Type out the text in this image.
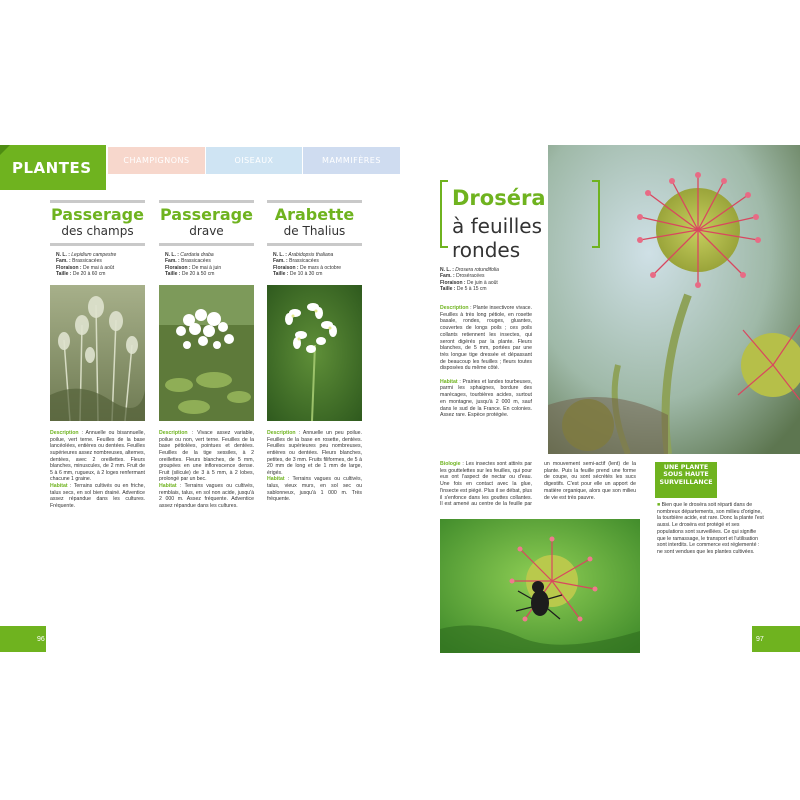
PLANTES	CHAMPIGNONS	OISEAUX	MAMMIFÈRES
Passerage
des champs
N. L. : Lepidium campestre
Fam. : Brassicacées
Floraison : De mai à août
Taille : De 20 à 60 cm
Description : Annuelle ou bisannuelle, poilue, vert terne. Feuilles de la base lancéolées, entières ou dentées. Feuilles supérieures assez nombreuses, alternes, dentées, avec 2 oreillettes. Fleurs blanches, minuscules, de 2 mm. Fruit de 5 à 6 mm, rugueux, à 2 loges renfermant chacune 1 graine.
Habitat : Terrains cultivés ou en friche, talus secs, en sol bien drainé. Adventice assez répandue dans les cultures. Fréquente.
Passerage
drave
N. L. : Cardaria draba
Fam. : Brassicacées
Floraison : De mai à juin
Taille : De 20 à 50 cm
Description : Vivace assez variable, poilue ou non, vert terne. Feuilles de la base pétiolées, pointues et dentées. Feuilles de la tige sessiles, à 2 oreillettes. Fleurs blanches, de 5 mm, groupées en une inflorescence dense. Fruit (silicule) de 3 à 5 mm, à 2 lobes, prolongé par un bec.
Habitat : Terrains vagues ou cultivés, remblais, talus, en sol non acide, jusqu'à 2 000 m. Assez fréquente. Adventice assez répandue dans les cultures.
Arabette
de Thalius
N. L. : Arabidopsis thaliana
Fam. : Brassicacées
Floraison : De mars à octobre
Taille : De 10 à 30 cm
Description : Annuelle un peu poilue. Feuilles de la base en rosette, dentées. Feuilles supérieures peu nombreuses, entières ou dentées. Fleurs blanches, petites, de 3 mm. Fruits filiformes, de 5 à 20 mm de long et de 1 mm de large, érigés.
Habitat : Terrains vagues ou cultivés, talus, vieux murs, en sol sec ou sablonneux, jusqu'à 1 000 m. Très fréquente.
96
Droséra
à feuilles rondes
N. L. : Drosera rotundifolia
Fam. : Droséracées
Floraison : De juin à août
Taille : De 5 à 15 cm
Description : Plante insectivore vivace. Feuilles à très long pétiole, en rosette basale, rondes, rouges, gluantes, couvertes de longs poils ; ces poils collants retiennent les insectes, qui seront digérés par la plante. Fleurs blanches, de 5 mm, portées par une très longue tige dressée et dépassant de beaucoup les feuilles ; fleurs toutes disposées du même côté.

Habitat : Prairies et landes tourbeuses, parmi les sphaignes, bordure des marécages, tourbières acides, surtout en montagne, jusqu'à 2 000 m, sauf dans le sud de la France. En colonies. Assez rare. Espèce protégée.
Biologie : Les insectes sont attirés par les gouttelettes sur les feuilles, qui pour eux ont l'aspect de nectar ou d'eau. Une fois en contact avec la glue, l'insecte est piégé. Plus il se débat, plus il s'enfonce dans les gouttes collantes. Il est amené au centre de la feuille par un mouvement semi-actif (lent) de la plante. Puis la feuille prend une forme de coupe, ou sont sécrétés les sucs digestifs. C'est pour elle un apport de matière organique, alors que son milieu de vie est très pauvre.
UNE PLANTE SOUS HAUTE SURVEILLANCE
■ Bien que le droséra soit réparti dans de nombreux départements, son milieu d'origine, la tourbière acide, est rare. Donc la plante l'est aussi. Le droséra est protégé et ses populations sont surveillées. Ce qui signifie que le ramassage, le transport et l'utilisation sont interdits. Le commerce est réglementé : ne sont vendues que les plantes cultivées.
97
